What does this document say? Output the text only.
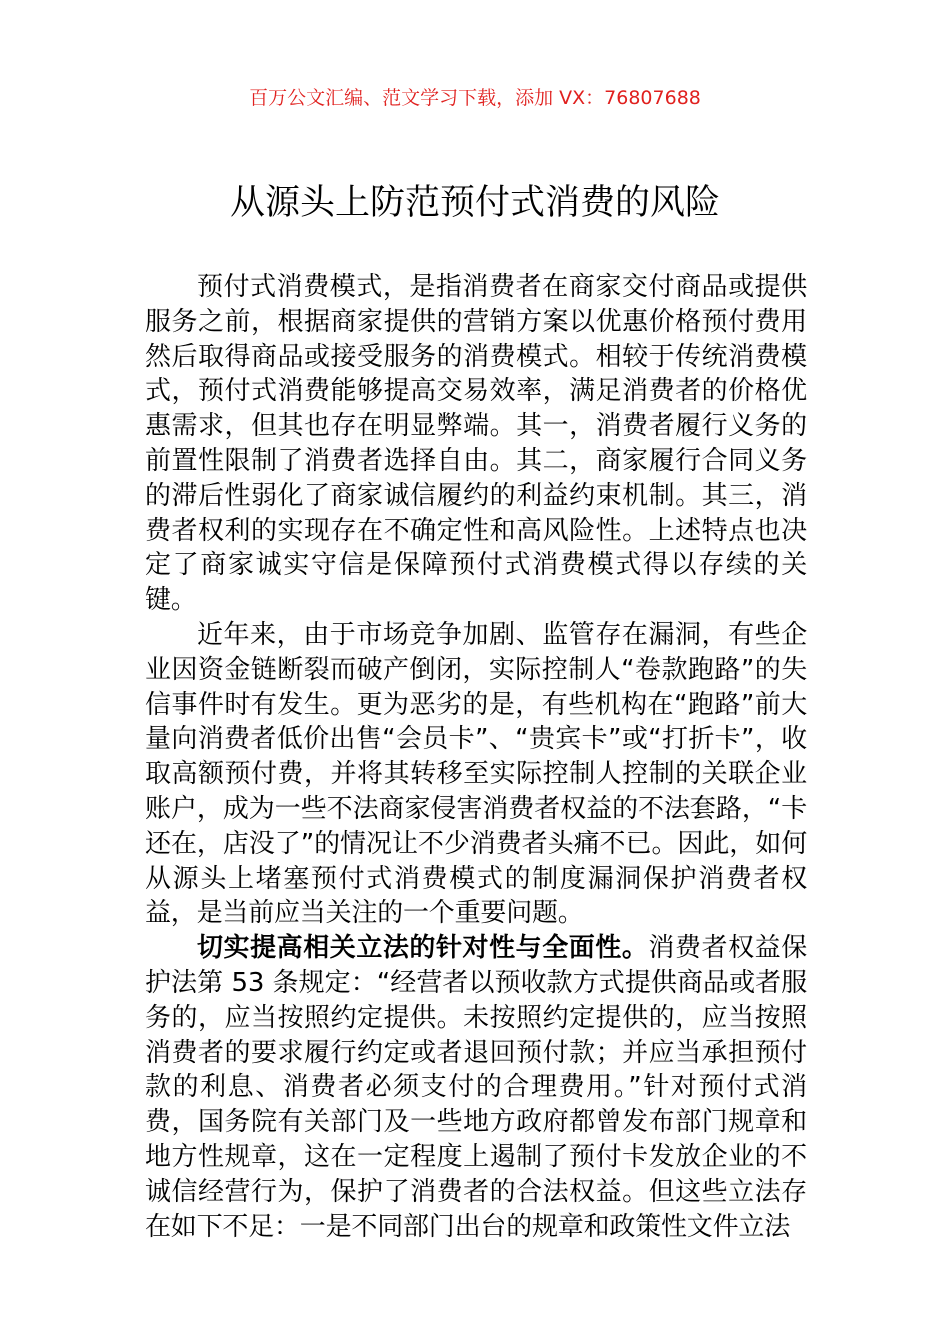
百万公文汇编、范文学习下载，添加 VX：76807688
从源头上防范预付式消费的风险

预付式消费模式，是指消费者在商家交付商品或提供服务之前，根据商家提供的营销方案以优惠价格预付费用然后取得商品或接受服务的消费模式。相较于传统消费模式，预付式消费能够提高交易效率，满足消费者的价格优惠需求，但其也存在明显弊端。其一，消费者履行义务的前置性限制了消费者选择自由。其二，商家履行合同义务的滞后性弱化了商家诚信履约的利益约束机制。其三，消费者权利的实现存在不确定性和高风险性。上述特点也决定了商家诚实守信是保障预付式消费模式得以存续的关键。

近年来，由于市场竞争加剧、监管存在漏洞，有些企业因资金链断裂而破产倒闭，实际控制人“卷款跑路”的失信事件时有发生。更为恶劣的是，有些机构在“跑路”前大量向消费者低价出售“会员卡”、“贵宾卡”或“打折卡”，收取高额预付费，并将其转移至实际控制人控制的关联企业账户，成为一些不法商家侵害消费者权益的不法套路，“卡还在，店没了”的情况让不少消费者头痛不已。因此，如何从源头上堵塞预付式消费模式的制度漏洞保护消费者权益，是当前应当关注的一个重要问题。

切实提高相关立法的针对性与全面性。消费者权益保护法第 53 条规定：“经营者以预收款方式提供商品或者服务的，应当按照约定提供。未按照约定提供的，应当按照消费者的要求履行约定或者退回预付款；并应当承担预付款的利息、消费者必须支付的合理费用。”针对预付式消费，国务院有关部门及一些地方政府都曾发布部门规章和地方性规章，这在一定程度上遏制了预付卡发放企业的不诚信经营行为，保护了消费者的合法权益。但这些立法存在如下不足：一是不同部门出台的规章和政策性文件立法
